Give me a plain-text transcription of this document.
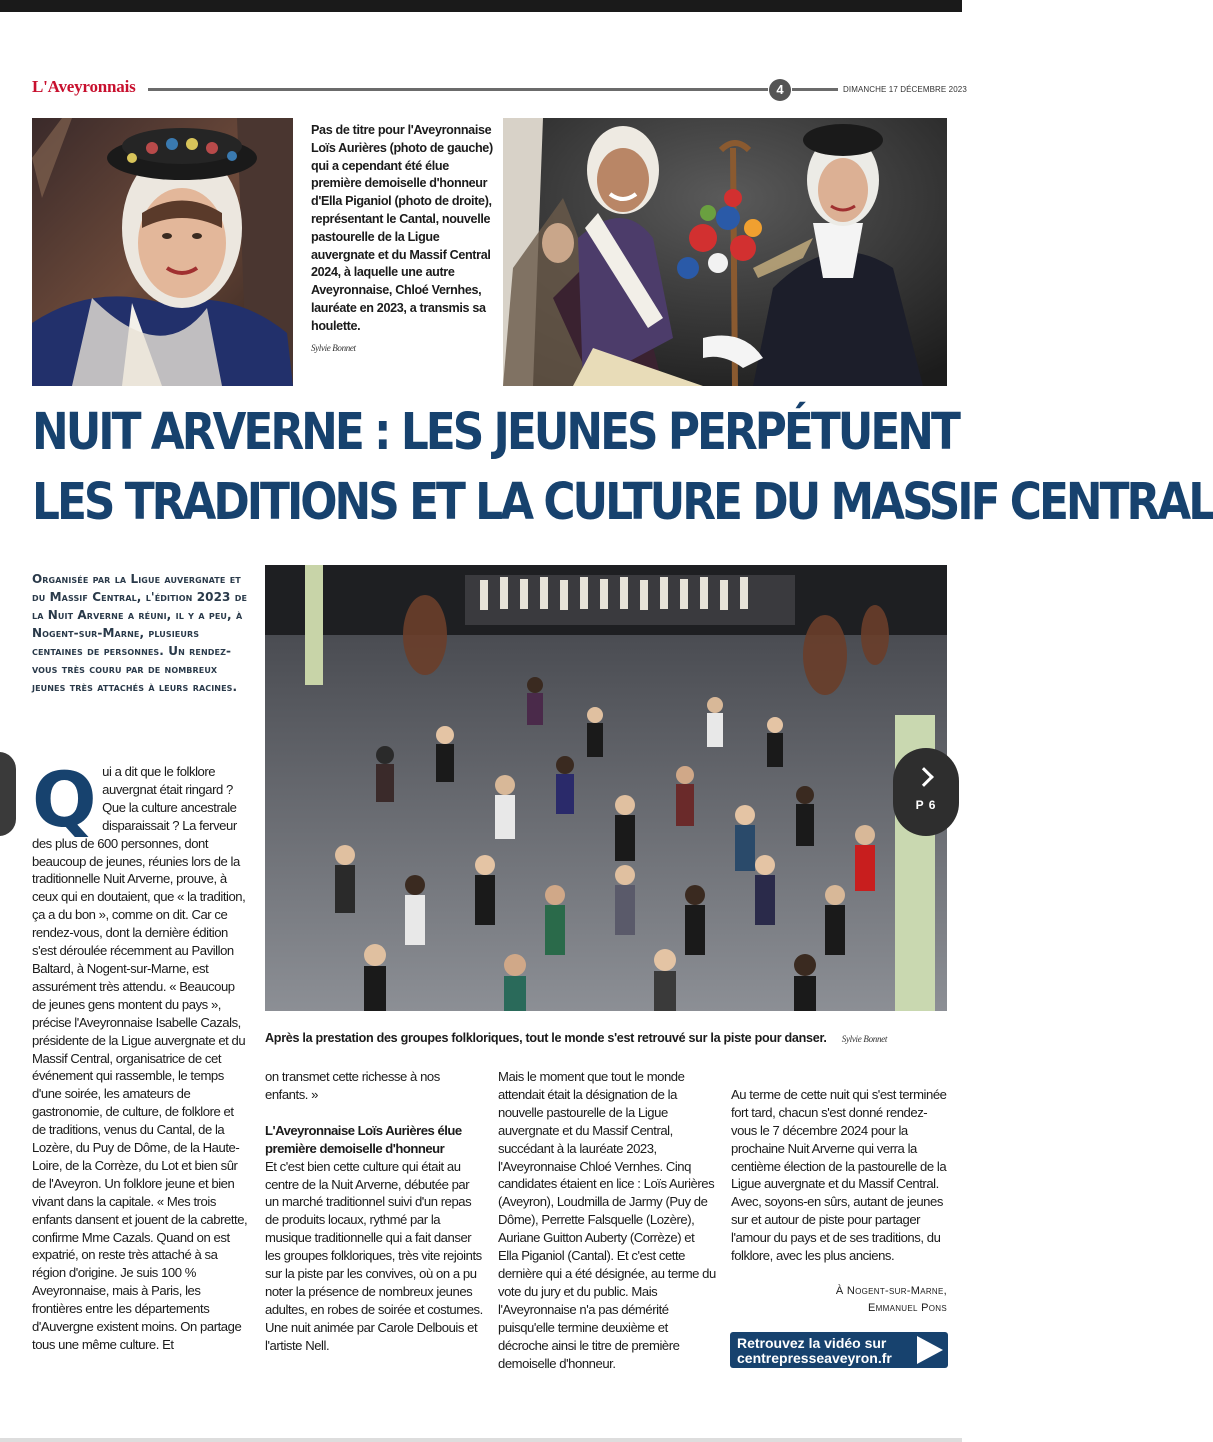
L'Aveyronnais	4	DIMANCHE 17 DÉCEMBRE 2023
Pas de titre pour l'Aveyronnaise Loïs Aurières (photo de gauche) qui a cependant été élue première demoiselle d'honneur d'Ella Piganiol (photo de droite), représentant le Cantal, nouvelle pastourelle de la Ligue auvergnate et du Massif Central 2024, à laquelle une autre Aveyronnaise, Chloé Vernhes, lauréate en 2023, a transmis sa houlette.
Sylvie Bonnet
NUIT ARVERNE : LES JEUNES PERPÉTUENT
LES TRADITIONS ET LA CULTURE DU MASSIF CENTRAL
Organisée par la Ligue auvergnate et du Massif Central, l'édition 2023 de la Nuit Arverne a réuni, il y a peu, à Nogent-sur-Marne, plusieurs centaines de personnes. Un rendez-vous très couru par de nombreux jeunes très attachés à leurs racines.
Après la prestation des groupes folkloriques, tout le monde s'est retrouvé sur la piste pour danser. Sylvie Bonnet
Q ui a dit que le folklore auvergnat était ringard ? Que la culture ancestrale disparaissait ? La ferveur des plus de 600 personnes, dont beaucoup de jeunes, réunies lors de la traditionnelle Nuit Arverne, prouve, à ceux qui en doutaient, que « la tradition, ça a du bon », comme on dit. Car ce rendez-vous, dont la dernière édition s'est déroulée récemment au Pavillon Baltard, à Nogent-sur-Marne, est assurément très attendu. « Beaucoup de jeunes gens montent du pays », précise l'Aveyronnaise Isabelle Cazals, présidente de la Ligue auvergnate et du Massif Central, organisatrice de cet événement qui rassemble, le temps d'une soirée, les amateurs de gastronomie, de culture, de folklore et de traditions, venus du Cantal, de la Lozère, du Puy de Dôme, de la Haute-Loire, de la Corrèze, du Lot et bien sûr de l'Aveyron. Un folklore jeune et bien vivant dans la capitale. « Mes trois enfants dansent et jouent de la cabrette, confirme Mme Cazals. Quand on est expatrié, on reste très attaché à sa région d'origine. Je suis 100 % Aveyronnaise, mais à Paris, les frontières entre les départements d'Auvergne existent moins. On partage tous une même culture. Et
on transmet cette richesse à nos enfants. »
L'Aveyronnaise Loïs Aurières élue première demoiselle d'honneur
Et c'est bien cette culture qui était au centre de la Nuit Arverne, débutée par un marché traditionnel suivi d'un repas de produits locaux, rythmé par la musique traditionnelle qui a fait danser les groupes folkloriques, très vite rejoints sur la piste par les convives, où on a pu noter la présence de nombreux jeunes adultes, en robes de soirée et costumes. Une nuit animée par Carole Delbouis et l'artiste Nell.
Mais le moment que tout le monde attendait était la désignation de la nouvelle pastourelle de la Ligue auvergnate et du Massif Central, succédant à la lauréate 2023, l'Aveyronnaise Chloé Vernhes. Cinq candidates étaient en lice : Loïs Aurières (Aveyron), Loudmilla de Jarmy (Puy de Dôme), Perrette Falsquelle (Lozère), Auriane Guitton Auberty (Corrèze) et Ella Piganiol (Cantal). Et c'est cette dernière qui a été désignée, au terme du vote du jury et du public. Mais l'Aveyronnaise n'a pas démérité puisqu'elle termine deuxième et décroche ainsi le titre de première demoiselle d'honneur.

Au terme de cette nuit qui s'est terminée fort tard, chacun s'est donné rendez-vous le 7 décembre 2024 pour la prochaine Nuit Arverne qui verra la centième élection de la pastourelle de la Ligue auvergnate et du Massif Central.
Avec, soyons-en sûrs, autant de jeunes sur et autour de piste pour partager l'amour du pays et de ses traditions, du folklore, avec les plus anciens.

À Nogent-sur-Marne,
Emmanuel Pons
Retrouvez la vidéo sur
centrepresseaveyron.fr
P 6
